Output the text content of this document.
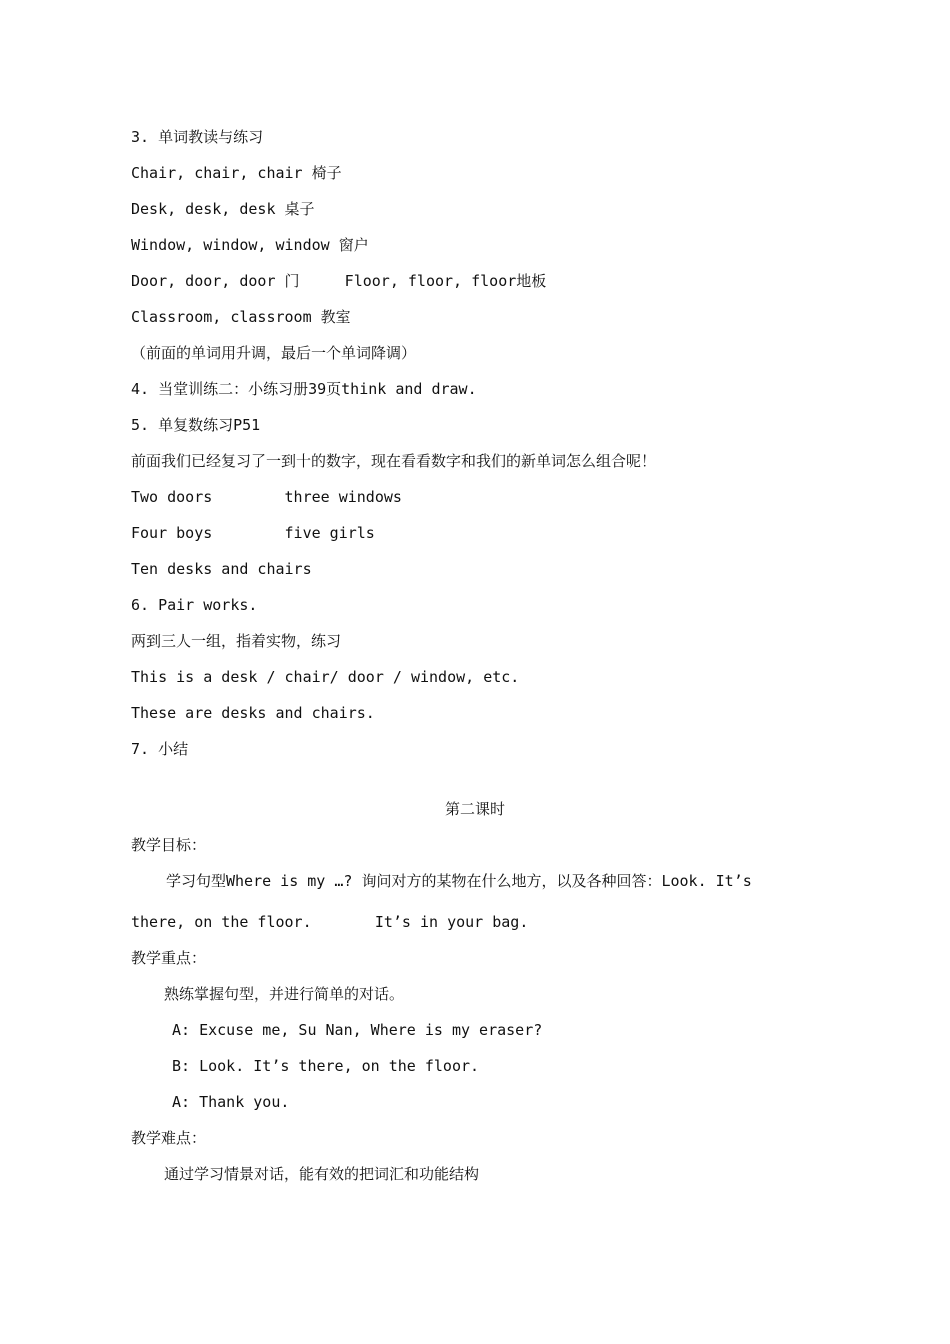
3. 单词教读与练习
Chair, chair, chair 椅子
Desk, desk, desk 桌子
Window, window, window 窗户
Door, door, door 门     Floor, floor, floor地板
Classroom, classroom 教室
（前面的单词用升调，最后一个单词降调）
4. 当堂训练二：小练习册39页think and draw.
5. 单复数练习P51
前面我们已经复习了一到十的数字，现在看看数字和我们的新单词怎么组合呢！
Two doors        three windows
Four boys        five girls
Ten desks and chairs
6. Pair works.
两到三人一组，指着实物，练习
This is a desk / chair/ door / window, etc.
These are desks and chairs.
7. 小结
第二课时
教学目标：
学习句型Where is my …? 询问对方的某物在什么地方，以及各种回答：Look. It’s
there, on the floor.       It’s in your bag.
教学重点：
熟练掌握句型，并进行简单的对话。
A: Excuse me, Su Nan, Where is my eraser?
B: Look. It’s there, on the floor.
A: Thank you.
教学难点：
通过学习情景对话，能有效的把词汇和功能结构
